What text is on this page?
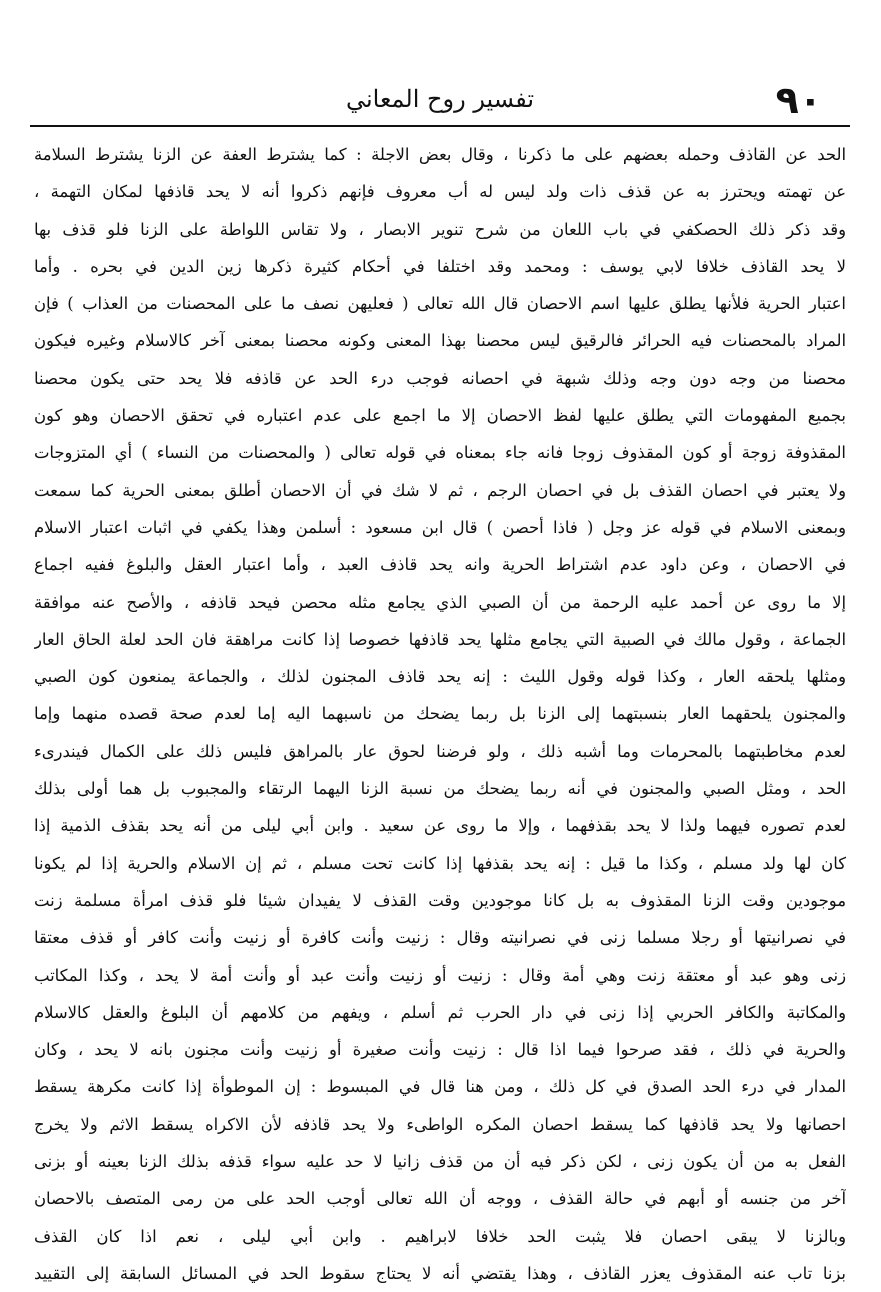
٩٠
تفسير روح المعاني
الحد عن القاذف وحمله بعضهم على ما ذكرنا ، وقال بعض الاجلة : كما يشترط العفة عن الزنا يشترط السلامة
عن تهمته ويحترز به عن قذف ذات ولد ليس له أب معروف فإنهم ذكروا أنه لا يحد قاذفها لمكان التهمة ،
وقد ذكر ذلك الحصكفي في باب اللعان من شرح تنوير الابصار ، ولا تقاس اللواطة على الزنا فلو قذف بها
لا يحد القاذف خلافا لابي يوسف : ومحمد وقد اختلفا في أحكام كثيرة ذكرها زين الدين في بحره . وأما
اعتبار الحرية فلأنها يطلق عليها اسم الاحصان قال الله تعالى ( فعليهن نصف ما على المحصنات من العذاب ) فإن
المراد بالمحصنات فيه الحرائر فالرقيق ليس محصنا بهذا المعنى وكونه محصنا بمعنى آخر كالاسلام وغيره فيكون
محصنا من وجه دون وجه وذلك شبهة في احصانه فوجب درء الحد عن قاذفه فلا يحد حتى يكون محصنا
بجميع المفهومات التي يطلق عليها لفظ الاحصان إلا ما اجمع على عدم اعتباره في تحقق الاحصان وهو كون
المقذوفة زوجة أو كون المقذوف زوجا فانه جاء بمعناه في قوله تعالى ( والمحصنات من النساء ) أي المتزوجات
ولا يعتبر في احصان القذف بل في احصان الرجم ، ثم لا شك في أن الاحصان أطلق بمعنى الحرية كما سمعت
وبمعنى الاسلام في قوله عز وجل ( فاذا أحصن ) قال ابن مسعود : أسلمن وهذا يكفي في اثبات اعتبار الاسلام
في الاحصان ، وعن داود عدم اشتراط الحرية وانه يحد قاذف العبد ، وأما اعتبار العقل والبلوغ ففيه اجماع
إلا ما روى عن أحمد عليه الرحمة من أن الصبي الذي يجامع مثله محصن فيحد قاذفه ، والأصح عنه موافقة
الجماعة ، وقول مالك في الصبية التي يجامع مثلها يحد قاذفها خصوصا إذا كانت مراهقة فان الحد لعلة الحاق العار
ومثلها يلحقه العار ، وكذا قوله وقول الليث : إنه يحد قاذف المجنون لذلك ، والجماعة يمنعون كون الصبي
والمجنون يلحقهما العار بنسبتهما إلى الزنا بل ربما يضحك من ناسبهما اليه إما لعدم صحة قصده منهما وإما
لعدم مخاطبتهما بالمحرمات وما أشبه ذلك ، ولو فرضنا لحوق عار بالمراهق فليس ذلك على الكمال فيندرىء
الحد ، ومثل الصبي والمجنون في أنه ربما يضحك من نسبة الزنا اليهما الرتقاء والمجبوب بل هما أولى بذلك
لعدم تصوره فيهما ولذا لا يحد بقذفهما ، وإلا ما روى عن سعيد . وابن أبي ليلى من أنه يحد بقذف الذمية إذا
كان لها ولد مسلم ، وكذا ما قيل : إنه يحد بقذفها إذا كانت تحت مسلم ، ثم إن الاسلام والحرية إذا لم يكونا
موجودين وقت الزنا المقذوف به بل كانا موجودين وقت القذف لا يفيدان شيئا فلو قذف امرأة مسلمة زنت
في نصرانيتها أو رجلا مسلما زنى في نصرانيته وقال : زنيت وأنت كافرة أو زنيت وأنت كافر أو قذف معتقا
زنى وهو عبد أو معتقة زنت وهي أمة وقال : زنيت أو زنيت وأنت عبد أو وأنت أمة لا يحد ، وكذا المكاتب
والمكاتبة والكافر الحربي إذا زنى في دار الحرب ثم أسلم ، ويفهم من كلامهم أن البلوغ والعقل كالاسلام
والحرية في ذلك ، فقد صرحوا فيما اذا قال : زنيت وأنت صغيرة أو زنيت وأنت مجنون بانه لا يحد ، وكان
المدار في درء الحد الصدق في كل ذلك ، ومن هنا قال في المبسوط : إن الموطوأة إذا كانت مكرهة يسقط
احصانها ولا يحد قاذفها كما يسقط احصان المكره الواطىء ولا يحد قاذفه لأن الاكراه يسقط الاثم ولا يخرج
الفعل به من أن يكون زنى ، لكن ذكر فيه أن من قذف زانيا لا حد عليه سواء قذفه بذلك الزنا بعينه أو بزنى
آخر من جنسه أو أبهم في حالة القذف ، ووجه أن الله تعالى أوجب الحد على من رمى المتصف بالاحصان
وبالزنا لا يبقى احصان فلا يثبت الحد خلافا لابراهيم . وابن أبي ليلى ، نعم اذا كان القذف
بزنا تاب عنه المقذوف يعزر القاذف ، وهذا يقتضي أنه لا يحتاج سقوط الحد في المسائل السابقة إلى التقييد
